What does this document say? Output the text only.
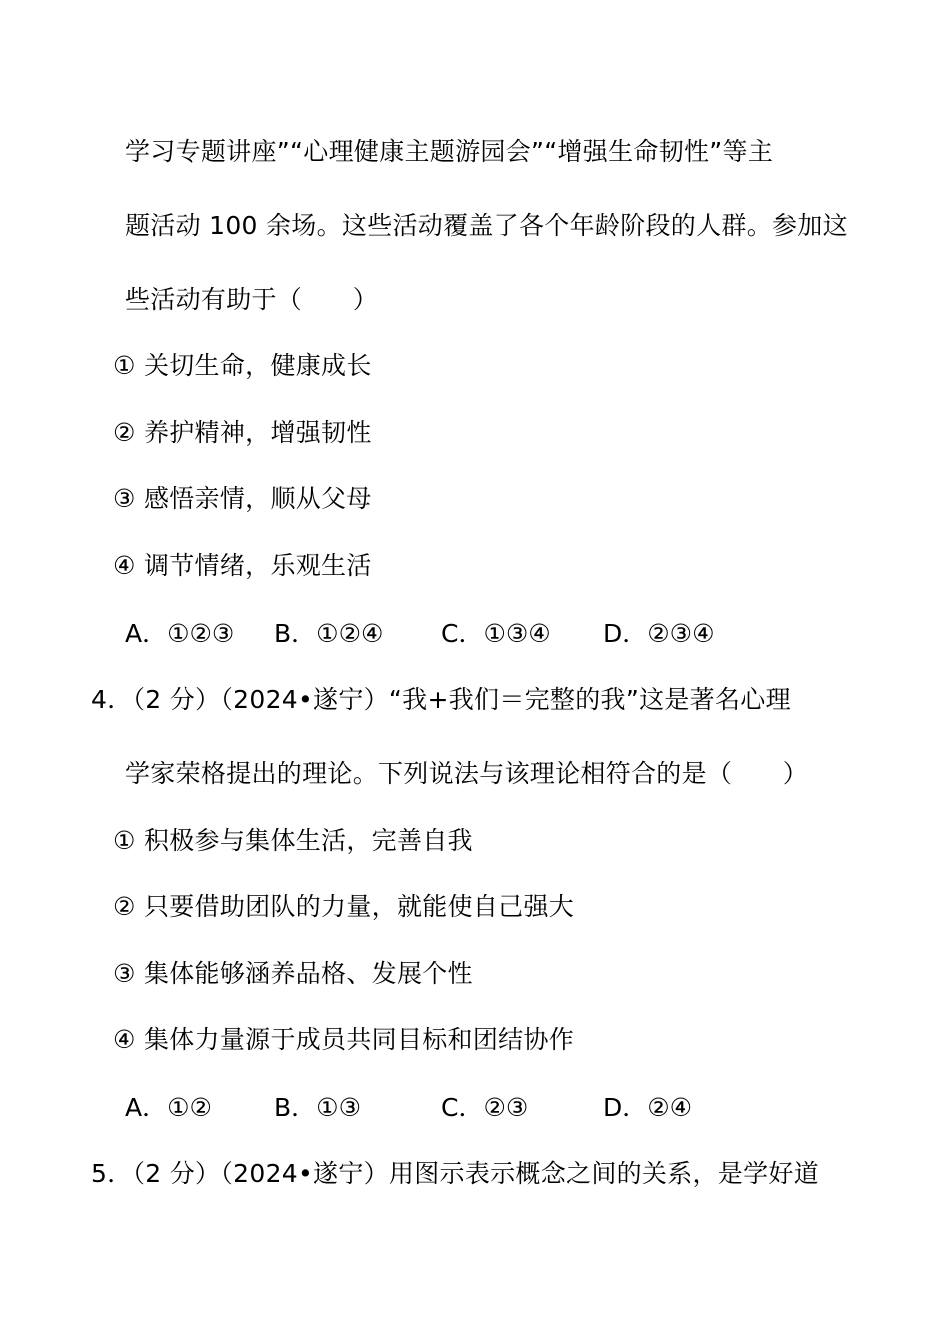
学习专题讲座”“心理健康主题游园会”“增强生命韧性”等主
题活动 100 余场。这些活动覆盖了各个年龄阶段的人群。参加这
些活动有助于（　　）
① 关切生命，健康成长
② 养护精神，增强韧性
③ 感悟亲情，顺从父母
④ 调节情绪，乐观生活
A．①②③ B．①②④ C．①③④ D．②③④
4．（2 分）（2024•遂宁）“我+我们＝完整的我”这是著名心理
学家荣格提出的理论。下列说法与该理论相符合的是（　　）
① 积极参与集体生活，完善自我
② 只要借助团队的力量，就能使自己强大
③ 集体能够涵养品格、发展个性
④ 集体力量源于成员共同目标和团结协作
A．①② B．①③	C．②③	D．②④
5．（2 分）（2024•遂宁）用图示表示概念之间的关系，是学好道
